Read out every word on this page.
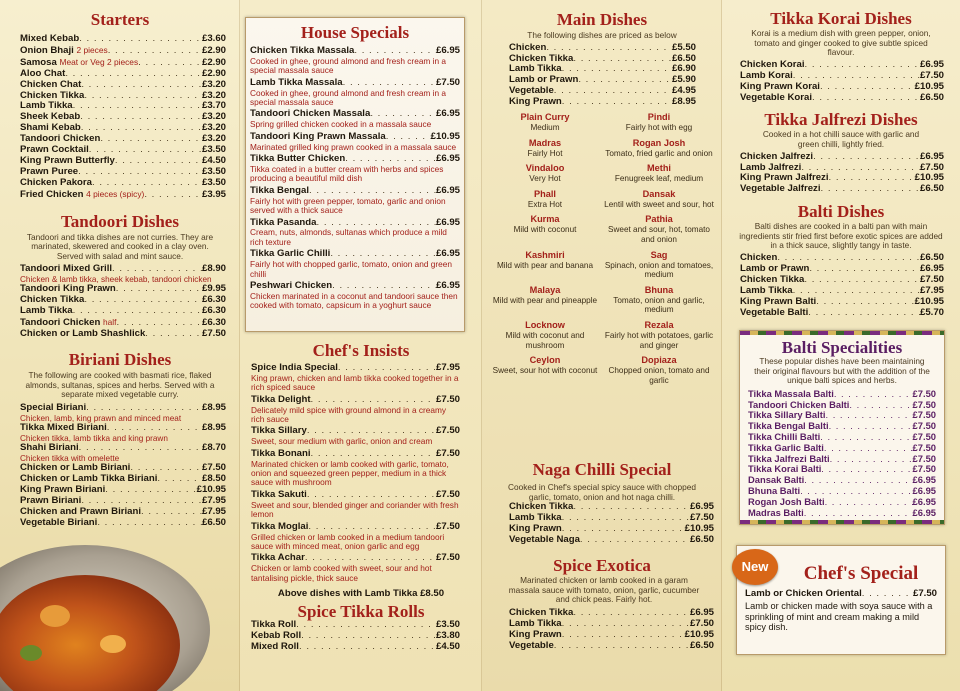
Starters
Mixed Kebab . . .	£3.60
Onion Bhaji 2 pieces . . .	£2.90
Samosa Meat or Veg 2 pieces . . .	£2.90
Aloo Chat . . .	£2.90
Chicken Chat . . .	£3.20
Chicken Tikka . . .	£3.20
Lamb Tikka . . .	£3.70
Sheek Kebab . . .	£3.20
Shami Kebab . . .	£3.20
Tandoori Chicken . . .	£3.20
Prawn Cocktail . . .	£3.50
King Prawn Butterfly . . .	£4.50
Prawn Puree . . .	£3.50
Chicken Pakora . . .	£3.50
Fried Chicken 4 pieces (spicy) . . .	£3.95
Tandoori Dishes
Tandoori and tikka dishes are not curries. They are marinated, skewered and cooked in a clay oven. Served with salad and mint sauce.
Tandoori Mixed Grill . . .	£8.90
Chicken & lamb tikka, sheek kebab, tandoori chicken
Tandoori King Prawn . . .	£9.95
Chicken Tikka . . .	£6.30
Lamb Tikka . . .	£6.30
Tandoori Chicken half . . .	£6.30
Chicken or Lamb Shashlick . . .	£7.50
Biriani Dishes
The following are cooked with basmati rice, flaked almonds, sultanas, spices and herbs. Served with a separate mixed vegetable curry.
Special Biriani . . .	£8.95
Chicken, lamb, king prawn and minced meat
Tikka Mixed Biriani . . .	£8.95
Chicken tikka, lamb tikka and king prawn
Shahi Biriani . . .	£8.70
Chicken tikka with omelette
Chicken or Lamb Biriani . . .	£7.50
Chicken or Lamb Tikka Biriani . . .	£8.50
King Prawn Biriani . . .	£10.95
Prawn Biriani . . .	£7.95
Chicken and Prawn Biriani . . .	£7.95
Vegetable Biriani . . .	£6.50
House Specials
Chicken Tikka Massala . . .	£6.95
Cooked in ghee, ground almond and fresh cream in a special massala sauce
Lamb Tikka Massala . . .	£7.50
Cooked in ghee, ground almond and fresh cream in a special massala sauce
Tandoori Chicken Massala . . .	£6.95
Spring grilled chicken cooked in a massala sauce
Tandoori King Prawn Massala . . .	£10.95
Marinated grilled king prawn cooked in a massala sauce
Tikka Butter Chicken . . .	£6.95
Tikka coated in a butter cream with herbs and spices producing a beautiful mild dish
Tikka Bengal . . .	£6.95
Fairly hot with green pepper, tomato, garlic and onion served with a thick sauce
Tikka Pasanda . . .	£6.95
Cream, nuts, almonds, sultanas which produce a mild rich texture
Tikka Garlic Chilli . . .	£6.95
Fairly hot with chopped garlic, tomato, onion and green chilli
Peshwari Chicken . . .	£6.95
Chicken marinated in a coconut and tandoori sauce then cooked with tomato, capsicum in a yoghurt sauce
Chef's Insists
Spice India Special . . .	£7.95
King prawn, chicken and lamb tikka cooked together in a rich spiced sauce
Tikka Delight . . .	£7.50
Delicately mild spice with ground almond in a creamy rich sauce
Tikka Sillary . . .	£7.50
Sweet, sour medium with garlic, onion and cream
Tikka Bonani . . .	£7.50
Marinated chicken or lamb cooked with garlic, tomato, onion and squeezed green pepper, medium in a thick sauce with mushroom
Tikka Sakuti . . .	£7.50
Sweet and sour, blended ginger and coriander with fresh lemon
Tikka Moglai . . .	£7.50
Grilled chicken or lamb cooked in a medium tandoori sauce with minced meat, onion garlic and egg
Tikka Achar . . .	£7.50
Chicken or lamb cooked with sweet, sour and hot tantalising pickle, thick sauce
Above dishes with Lamb Tikka £8.50
Spice Tikka Rolls
Tikka Roll . . .	£3.50
Kebab Roll . . .	£3.80
Mixed Roll . . .	£4.50
Main Dishes
The following dishes are priced as below
Chicken . . .	£5.50
Chicken Tikka . . .	£6.50
Lamb Tikka . . .	£6.90
Lamb or Prawn . . .	£5.90
Vegetable . . .	£4.95
King Prawn . . .	£8.95
Plain Curry
Medium
Pindi
Fairly hot with egg
Madras
Fairly Hot
Rogan Josh
Tomato, fried garlic and onion
Vindaloo
Very Hot
Methi
Fenugreek leaf, medium
Phall
Extra Hot
Dansak
Lentil with sweet and sour, hot
Kurma
Mild with coconut
Pathia
Sweet and sour, hot, tomato and onion
Kashmiri
Mild with pear and banana
Sag
Spinach, onion and tomatoes, medium
Malaya
Mild with pear and pineapple
Bhuna
Tomato, onion and garlic, medium
Locknow
Mild with coconut and mushroom
Rezala
Fairly hot with potatoes, garlic and ginger
Ceylon
Sweet, sour hot with coconut
Dopiaza
Chopped onion, tomato and garlic
Naga Chilli Special
Cooked in Chef's special spicy sauce with chopped garlic, tomato, onion and hot naga chilli.
Chicken Tikka . . .	£6.95
Lamb Tikka . . .	£7.50
King Prawn . . .	£10.95
Vegetable Naga . . .	£6.50
Spice Exotica
Marinated chicken or lamb cooked in a garam massala sauce with tomato, onion, garlic, cucumber and chick peas. Fairly hot.
Chicken Tikka . . .	£6.95
Lamb Tikka . . .	£7.50
King Prawn . . .	£10.95
Vegetable . . .	£6.50
Tikka Korai Dishes
Korai is a medium dish with green pepper, onion, tomato and ginger cooked to give subtle spiced flavour.
Chicken Korai . . .	£6.95
Lamb Korai . . .	£7.50
King Prawn Korai . . .	£10.95
Vegetable Korai . . .	£6.50
Tikka Jalfrezi Dishes
Cooked in a hot chilli sauce with garlic and green chilli, lightly fried.
Chicken Jalfrezi . . .	£6.95
Lamb Jalfrezi . . .	£7.50
King Prawn Jalfrezi . . .	£10.95
Vegetable Jalfrezi . . .	£6.50
Balti Dishes
Balti dishes are cooked in a balti pan with main ingredients stir fried first before exotic spices are added in a thick sauce, slightly tangy in taste.
Chicken . . .	£6.50
Lamb or Prawn . . .	£6.95
Chicken Tikka . . .	£7.50
Lamb Tikka . . .	£7.95
King Prawn Balti . . .	£10.95
Vegetable Balti . . .	£5.70
Balti Specialities
These popular dishes have been maintaining their original flavours but with the addition of the unique balti spices and herbs.
Tikka Massala Balti . . .	£7.50
Tandoori Chicken Balti . . .	£7.50
Tikka Sillary Balti . . .	£7.50
Tikka Bengal Balti . . .	£7.50
Tikka Chilli Balti . . .	£7.50
Tikka Garlic Balti . . .	£7.50
Tikka Jalfrezi Balti . . .	£7.50
Tikka Korai Balti . . .	£7.50
Dansak Balti . . .	£6.95
Bhuna Balti . . .	£6.95
Rogan Josh Balti . . .	£6.95
Madras Balti . . .	£6.95
Chef's Special
Lamb or Chicken Oriental . . .	£7.50
Lamb or chicken made with soya sauce with a sprinkling of mint and cream making a mild spicy dish.
New
